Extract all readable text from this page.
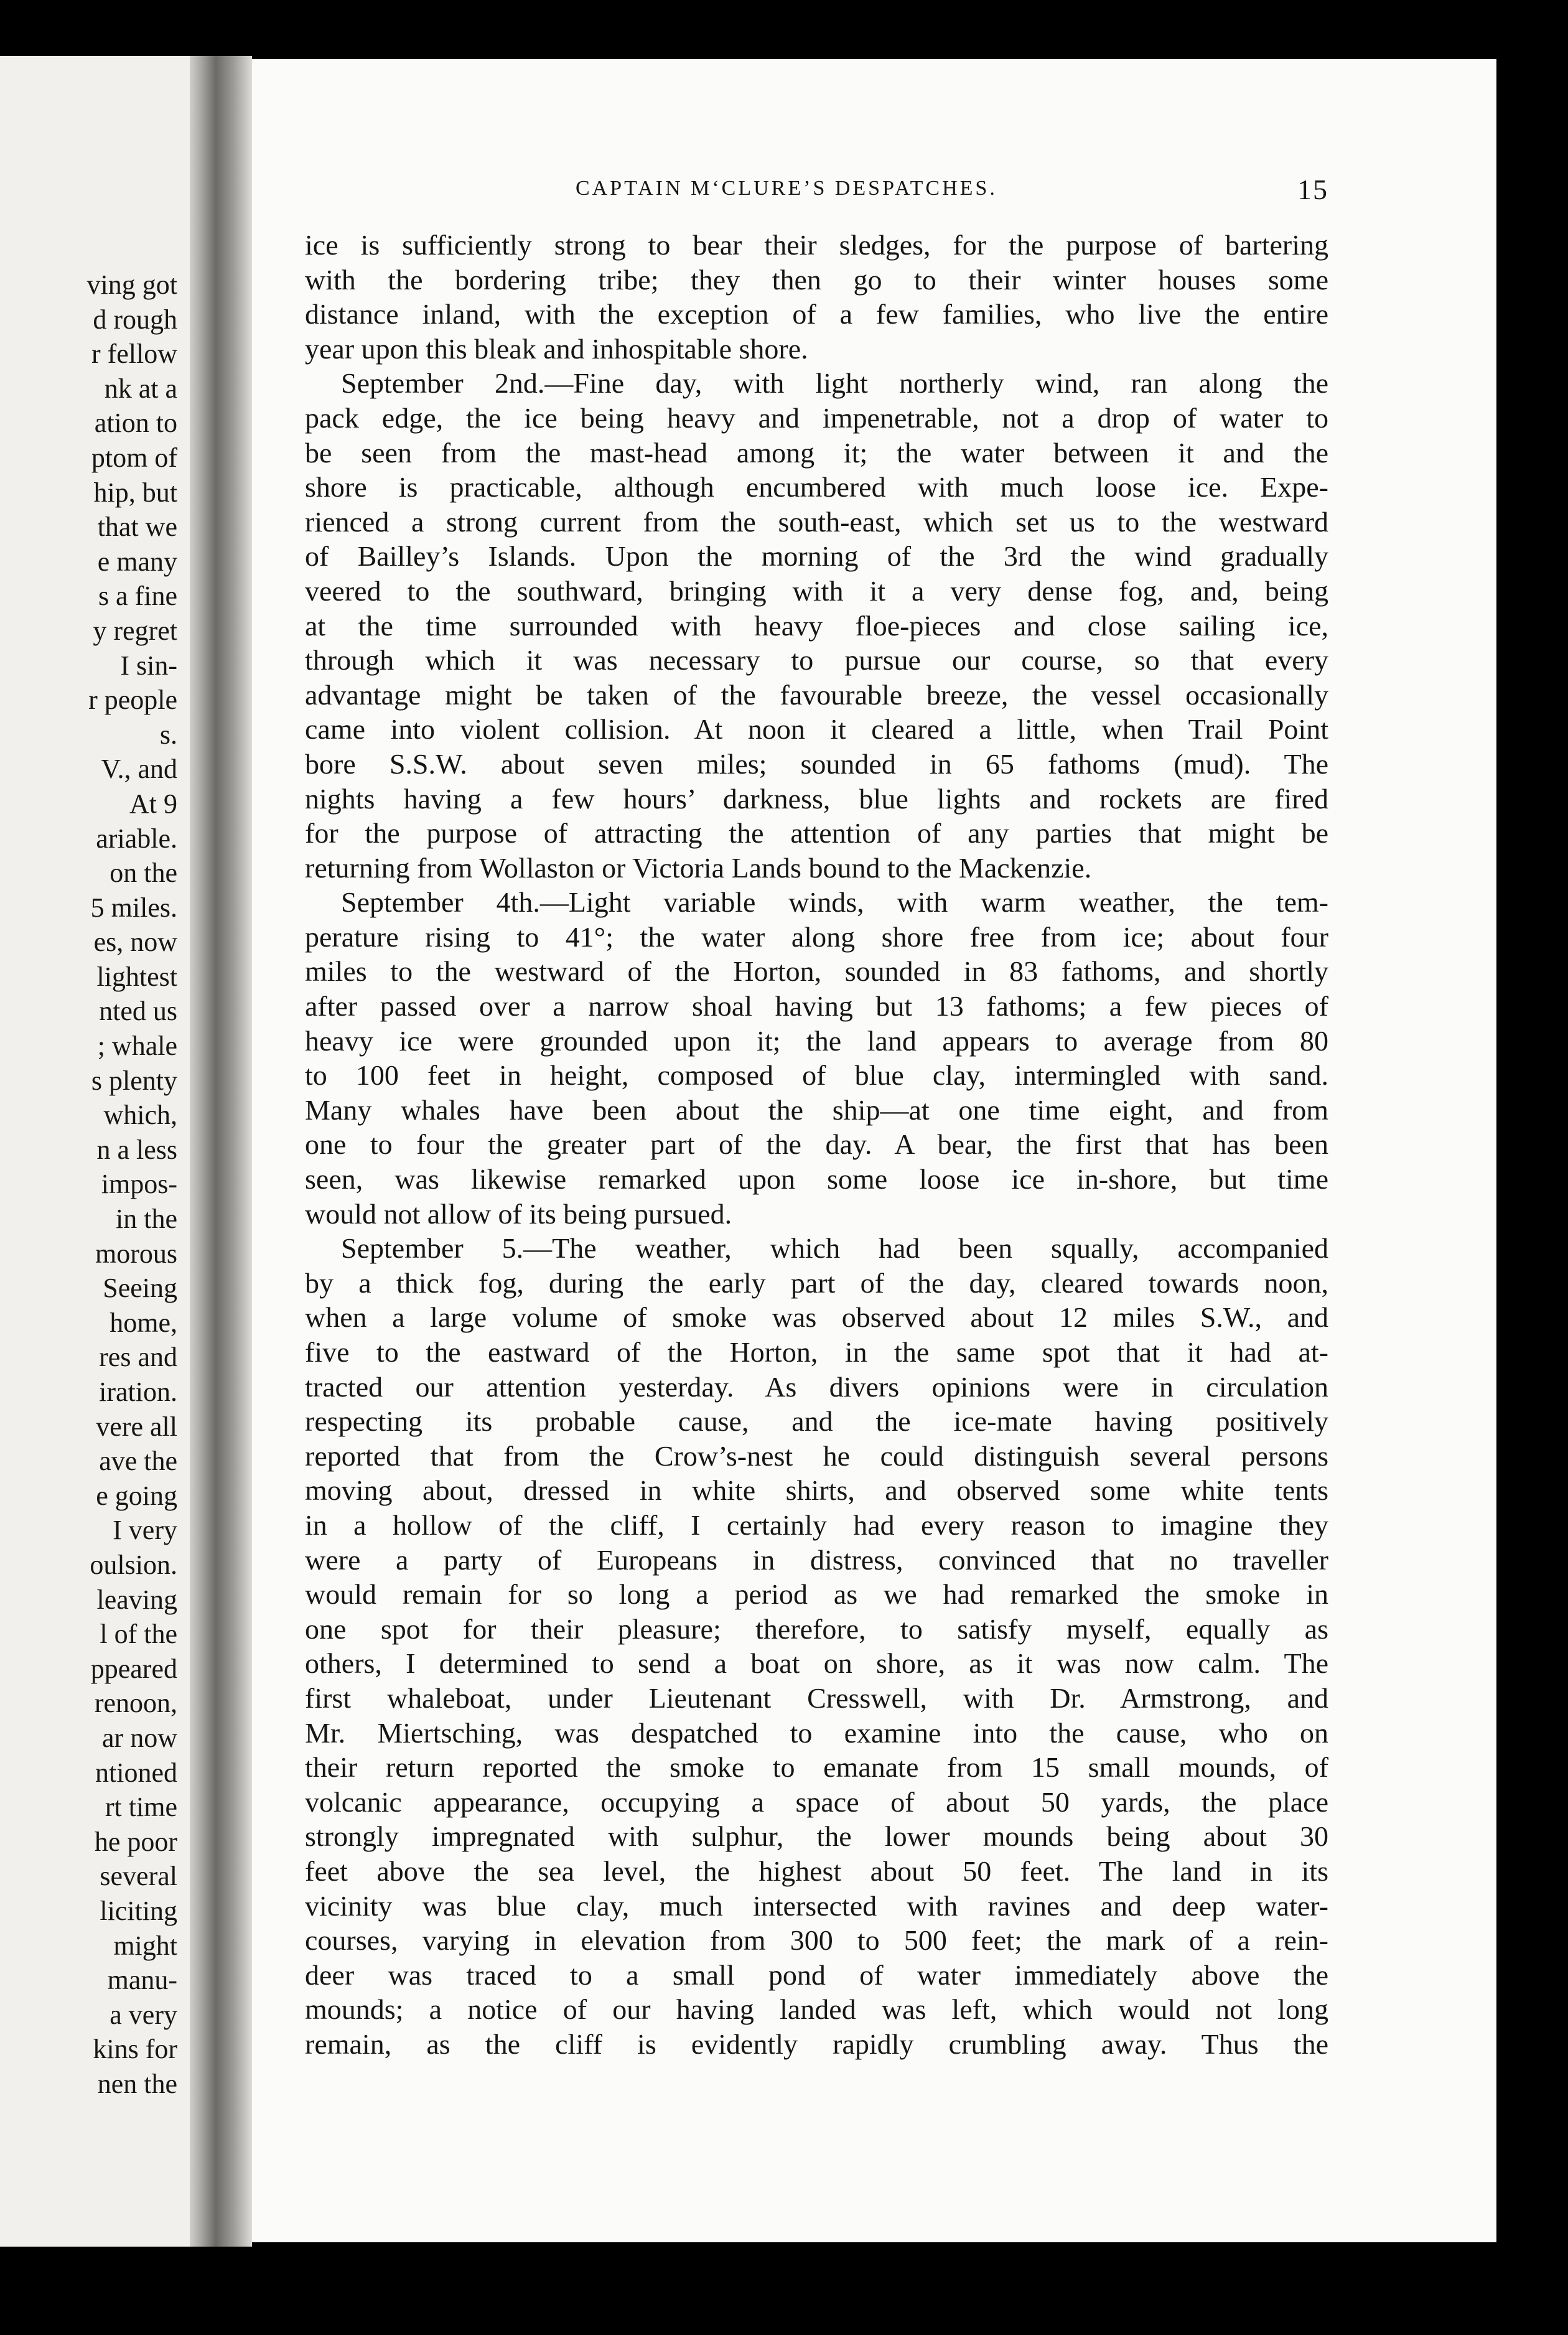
ving got
d rough
r fellow
nk at a
ation to
ptom of
hip, but
that we
e many
s a fine
y regret
I sin-
r people
s.
V., and
At 9
ariable.
on the
5 miles.
es, now
lightest
nted us
; whale
s plenty
which,
n a less
impos-
in the
morous
Seeing
home,
res and
iration.
vere all
ave the
e going
I very
oulsion.
leaving
l of the
ppeared
renoon,
ar now
ntioned
rt time
he poor
several
liciting
might
manu-
a very
kins for
nen the
CAPTAIN M‘CLURE’S DESPATCHES.	15
ice is sufficiently strong to bear their sledges, for the purpose of bartering
with the bordering tribe; they then go to their winter houses some
distance inland, with the exception of a few families, who live the entire
year upon this bleak and inhospitable shore.
September 2nd.—Fine day, with light northerly wind, ran along the
pack edge, the ice being heavy and impenetrable, not a drop of water to
be seen from the mast-head among it; the water between it and the
shore is practicable, although encumbered with much loose ice. Expe-
rienced a strong current from the south-east, which set us to the westward
of Bailley’s Islands. Upon the morning of the 3rd the wind gradually
veered to the southward, bringing with it a very dense fog, and, being
at the time surrounded with heavy floe-pieces and close sailing ice,
through which it was necessary to pursue our course, so that every
advantage might be taken of the favourable breeze, the vessel occasionally
came into violent collision. At noon it cleared a little, when Trail Point
bore S.S.W. about seven miles; sounded in 65 fathoms (mud). The
nights having a few hours’ darkness, blue lights and rockets are fired
for the purpose of attracting the attention of any parties that might be
returning from Wollaston or Victoria Lands bound to the Mackenzie.
September 4th.—Light variable winds, with warm weather, the tem-
perature rising to 41°; the water along shore free from ice; about four
miles to the westward of the Horton, sounded in 83 fathoms, and shortly
after passed over a narrow shoal having but 13 fathoms; a few pieces of
heavy ice were grounded upon it; the land appears to average from 80
to 100 feet in height, composed of blue clay, intermingled with sand.
Many whales have been about the ship—at one time eight, and from
one to four the greater part of the day. A bear, the first that has been
seen, was likewise remarked upon some loose ice in-shore, but time
would not allow of its being pursued.
September 5.—The weather, which had been squally, accompanied
by a thick fog, during the early part of the day, cleared towards noon,
when a large volume of smoke was observed about 12 miles S.W., and
five to the eastward of the Horton, in the same spot that it had at-
tracted our attention yesterday. As divers opinions were in circulation
respecting its probable cause, and the ice-mate having positively
reported that from the Crow’s-nest he could distinguish several persons
moving about, dressed in white shirts, and observed some white tents
in a hollow of the cliff, I certainly had every reason to imagine they
were a party of Europeans in distress, convinced that no traveller
would remain for so long a period as we had remarked the smoke in
one spot for their pleasure; therefore, to satisfy myself, equally as
others, I determined to send a boat on shore, as it was now calm. The
first whaleboat, under Lieutenant Cresswell, with Dr. Armstrong, and
Mr. Miertsching, was despatched to examine into the cause, who on
their return reported the smoke to emanate from 15 small mounds, of
volcanic appearance, occupying a space of about 50 yards, the place
strongly impregnated with sulphur, the lower mounds being about 30
feet above the sea level, the highest about 50 feet. The land in its
vicinity was blue clay, much intersected with ravines and deep water-
courses, varying in elevation from 300 to 500 feet; the mark of a rein-
deer was traced to a small pond of water immediately above the
mounds; a notice of our having landed was left, which would not long
remain, as the cliff is evidently rapidly crumbling away. Thus the
